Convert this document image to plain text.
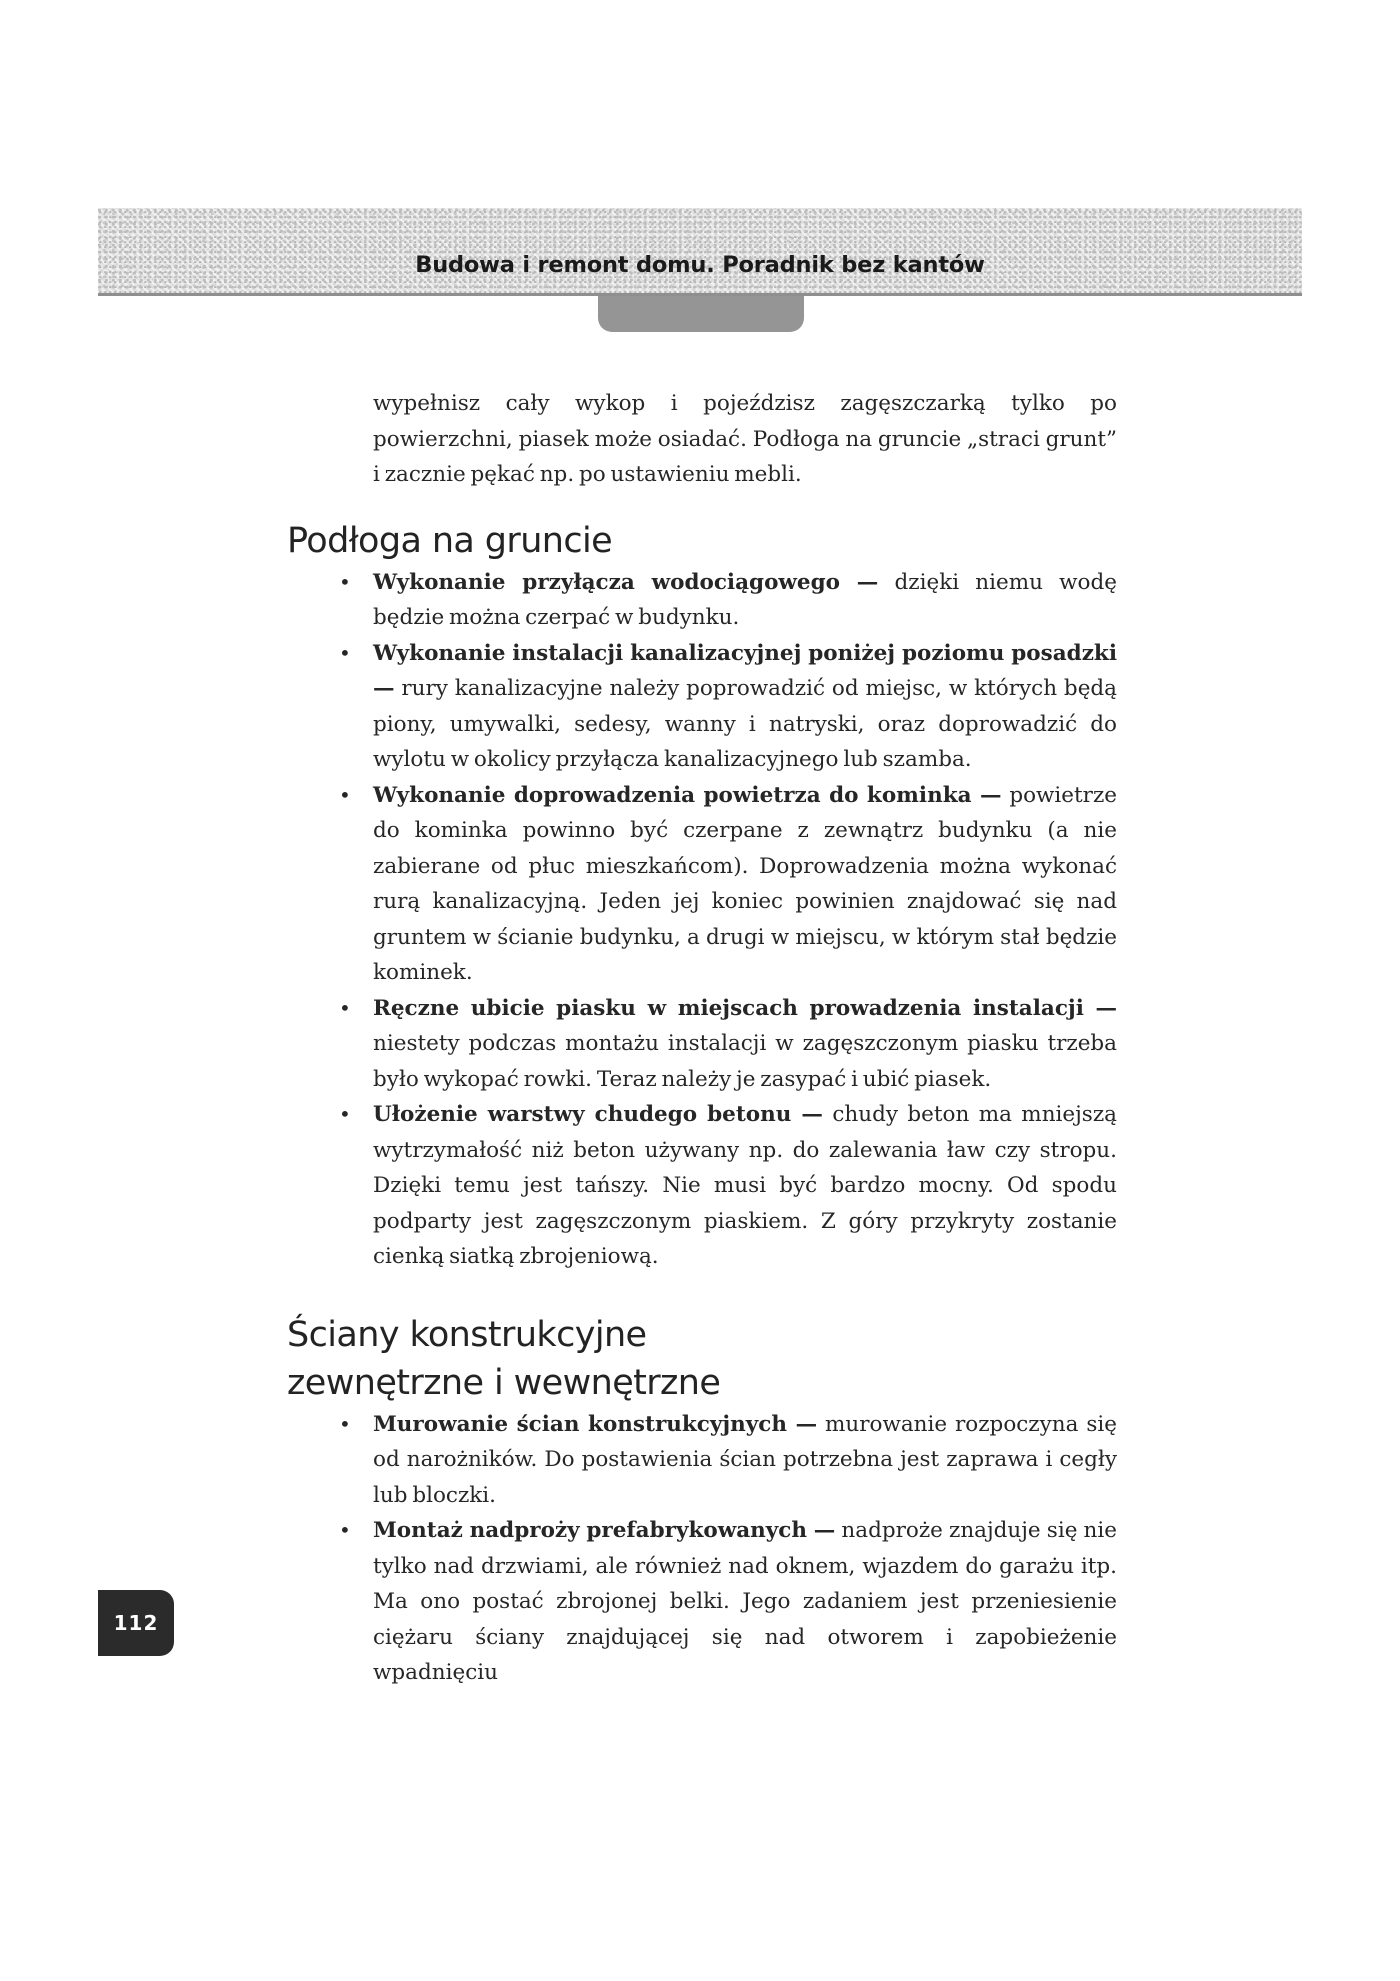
Budowa i remont domu. Poradnik bez kantów

wypełnisz cały wykop i pojeździsz zagęszczarką tylko po powierzchni, piasek może osiadać. Podłoga na gruncie „straci grunt” i zacznie pękać np. po ustawieniu mebli.

Podłoga na gruncie
• Wykonanie przyłącza wodociągowego — dzięki niemu wodę będzie można czerpać w budynku.
• Wykonanie instalacji kanalizacyjnej poniżej poziomu posadzki — rury kanalizacyjne należy poprowadzić od miejsc, w których będą piony, umywalki, sedesy, wanny i natryski, oraz doprowadzić do wylotu w okolicy przyłącza kanalizacyjnego lub szamba.
• Wykonanie doprowadzenia powietrza do kominka — powietrze do kominka powinno być czerpane z zewnątrz budynku (a nie zabierane od płuc mieszkańcom). Doprowadzenia można wykonać rurą kanalizacyjną. Jeden jej koniec powinien znajdować się nad gruntem w ścianie budynku, a drugi w miejscu, w którym stał będzie kominek.
• Ręczne ubicie piasku w miejscach prowadzenia instalacji — niestety podczas montażu instalacji w zagęszczonym piasku trzeba było wykopać rowki. Teraz należy je zasypać i ubić piasek.
• Ułożenie warstwy chudego betonu — chudy beton ma mniejszą wytrzymałość niż beton używany np. do zalewania ław czy stropu. Dzięki temu jest tańszy. Nie musi być bardzo mocny. Od spodu podparty jest zagęszczonym piaskiem. Z góry przykryty zostanie cienką siatką zbrojeniową.
Ściany konstrukcyjne
zewnętrzne i wewnętrzne
• Murowanie ścian konstrukcyjnych — murowanie rozpoczyna się od narożników. Do postawienia ścian potrzebna jest zaprawa i cegły lub bloczki.
• Montaż nadproży prefabrykowanych — nadproże znajduje się nie tylko nad drzwiami, ale również nad oknem, wjazdem do garażu itp. Ma ono postać zbrojonej belki. Jego zadaniem jest przeniesienie ciężaru ściany znajdującej się nad otworem i zapobieżenie wpadnięciu
112
